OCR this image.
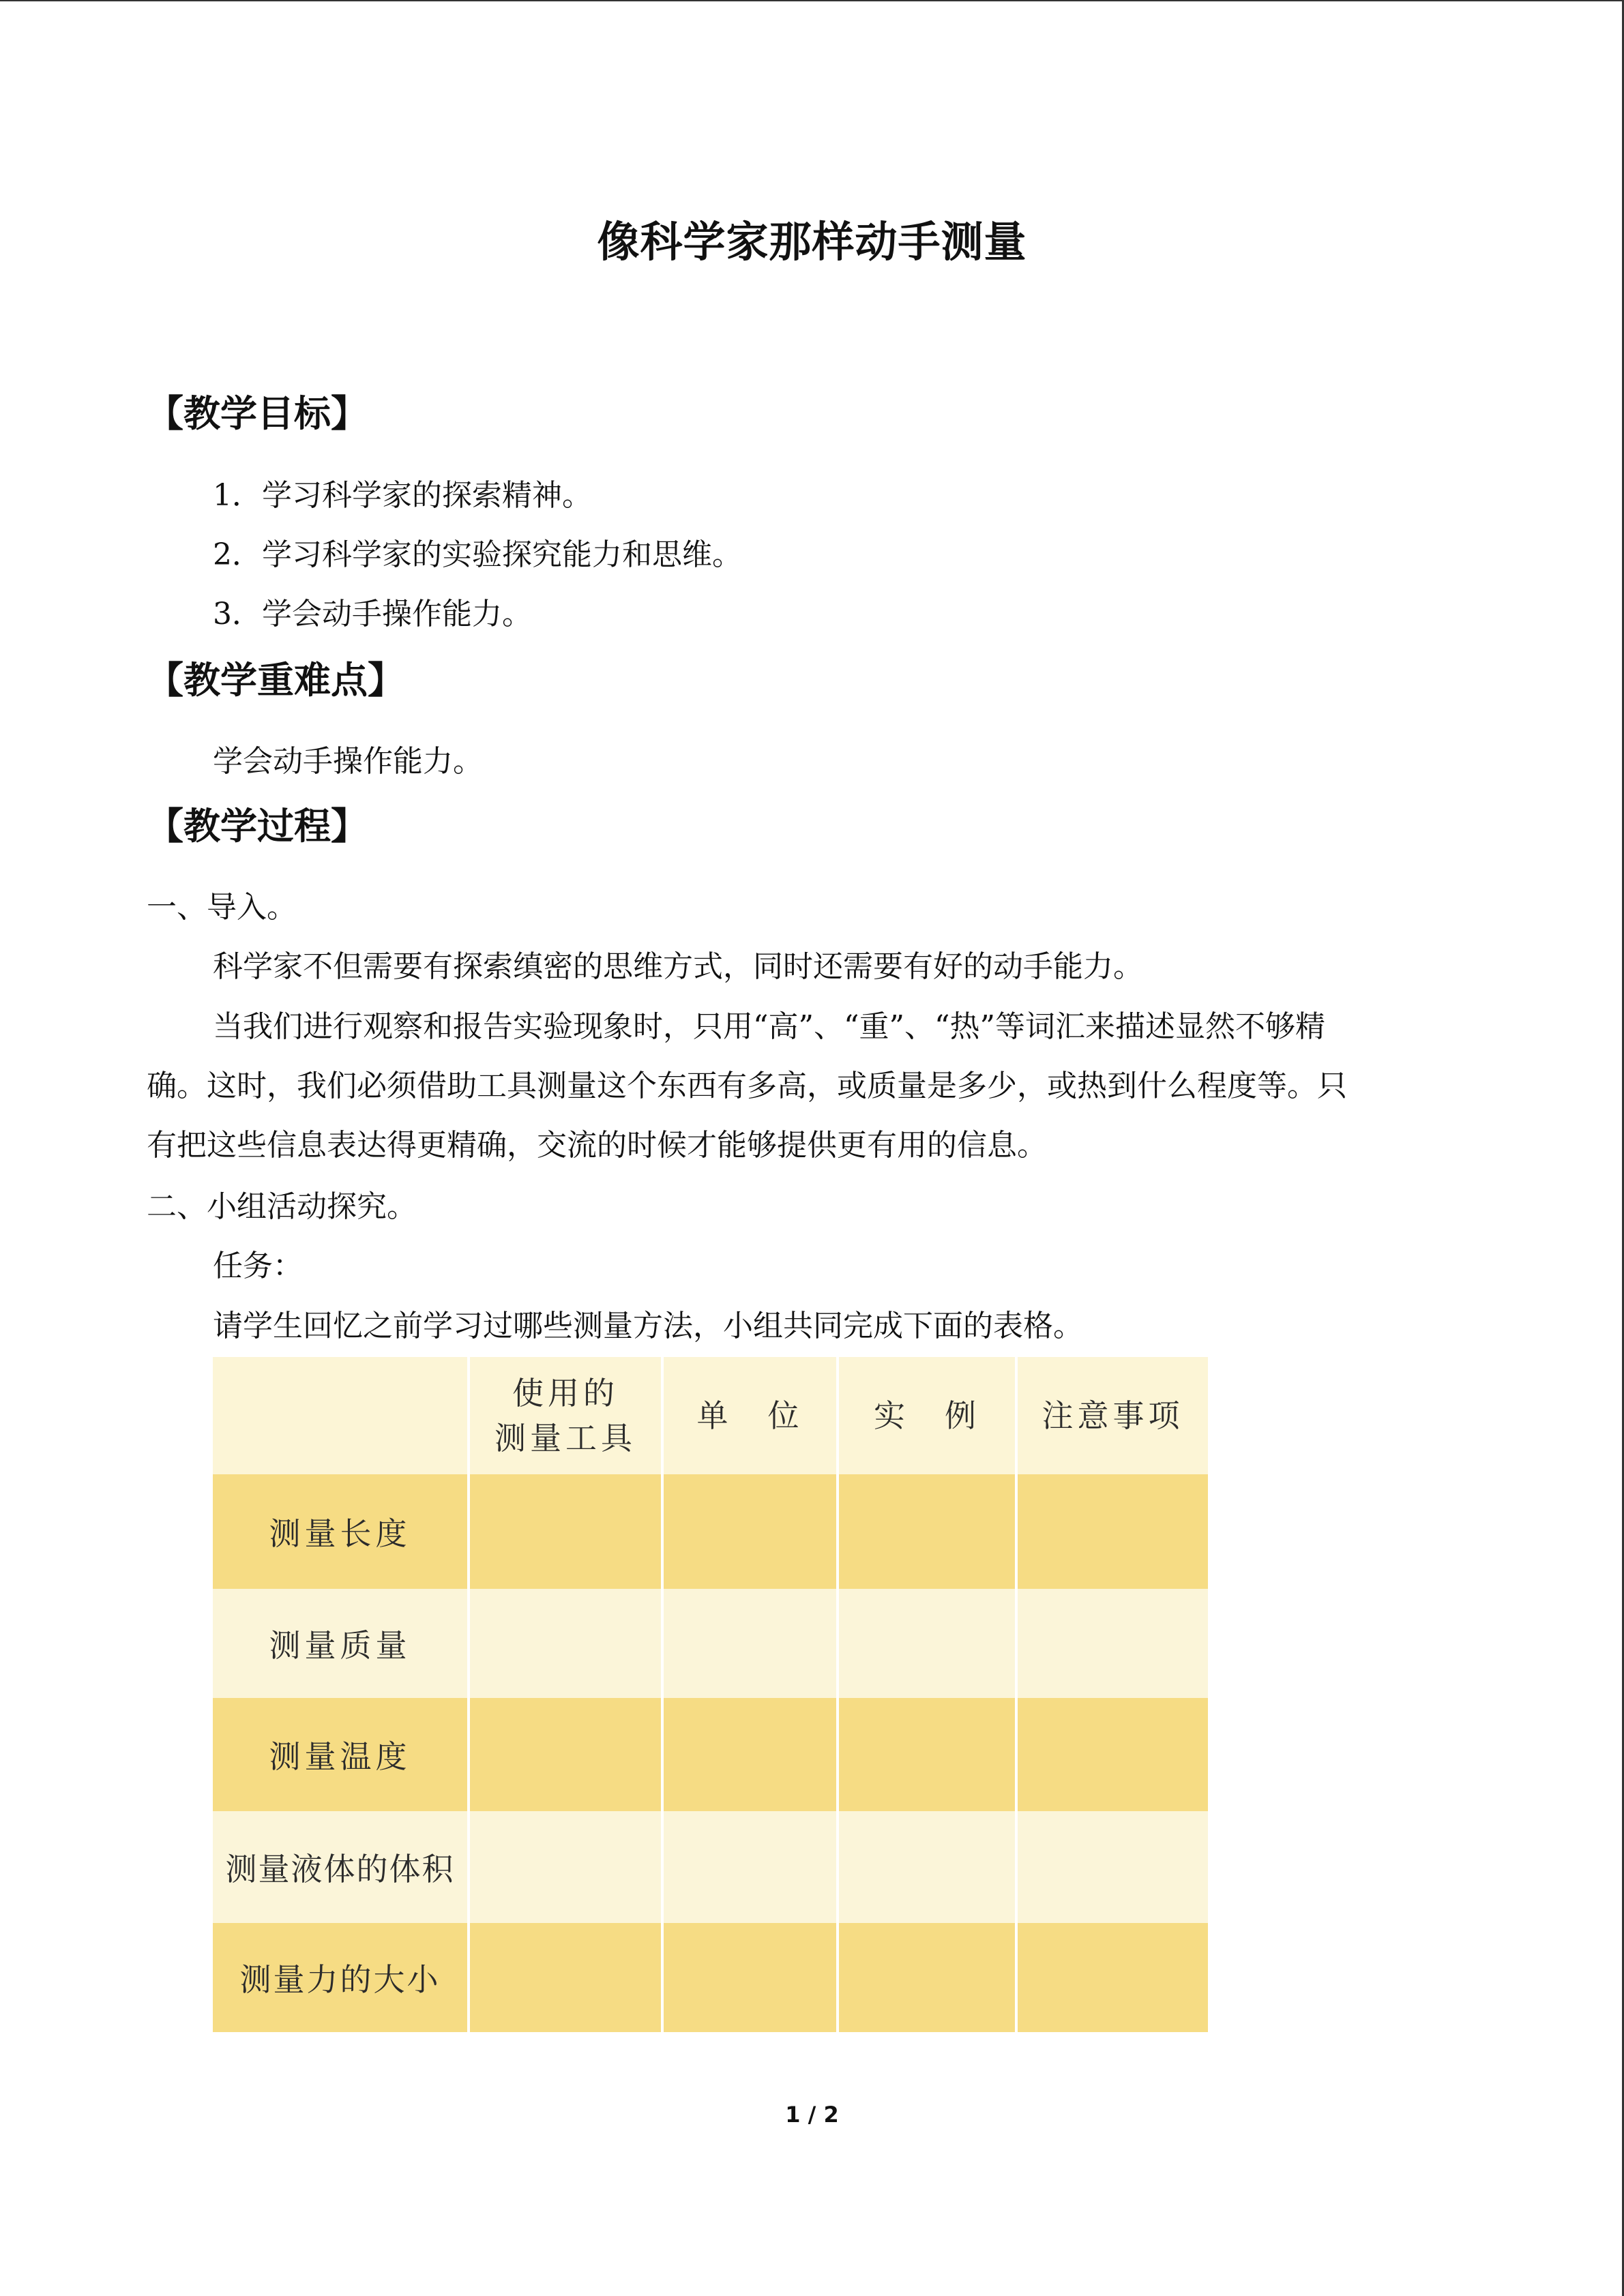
像科学家那样动手测量
【教学目标】
1．学习科学家的探索精神。
2．学习科学家的实验探究能力和思维。
3．学会动手操作能力。
【教学重难点】
学会动手操作能力。
【教学过程】
一、导入。
科学家不但需要有探索缜密的思维方式，同时还需要有好的动手能力。
当我们进行观察和报告实验现象时，只用“高”、“重”、“热”等词汇来描述显然不够精
确。这时，我们必须借助工具测量这个东西有多高，或质量是多少，或热到什么程度等。只
有把这些信息表达得更精确，交流的时候才能够提供更有用的信息。
二、小组活动探究。
任务：
请学生回忆之前学习过哪些测量方法，小组共同完成下面的表格。
使用的
测量工具
单　位	实　例	注意事项
测量长度
测量质量
测量温度
测量液体的体积
测量力的大小
1 / 2
